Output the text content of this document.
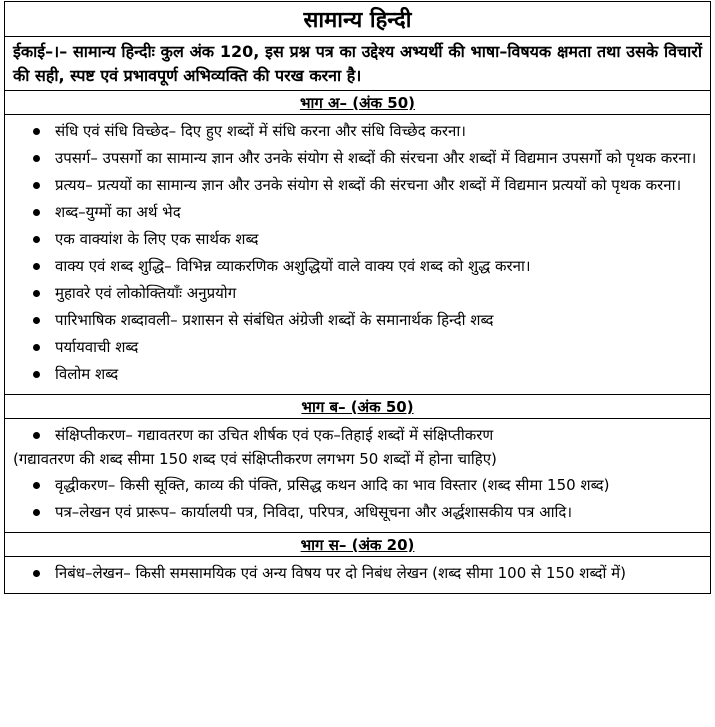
सामान्य हिन्दी
ईकाई–।– सामान्य हिन्दीः कुल अंक 120, इस प्रश्न पत्र का उद्देश्य अभ्यर्थी की भाषा–विषयक क्षमता तथा उसके विचारों की सही, स्पष्ट एवं प्रभावपूर्ण अभिव्यक्ति की परख करना है।
भाग अ– (अंक 50)
संधि एवं संधि विच्छेद– दिए हुए शब्दों में संधि करना और संधि विच्छेद करना।
उपसर्ग– उपसर्गो का सामान्य ज्ञान और उनके संयोग से शब्दों की संरचना और शब्दों में विद्यमान उपसर्गो को पृथक करना।
प्रत्यय– प्रत्ययों का सामान्य ज्ञान और उनके संयोग से शब्दों की संरचना और शब्दों में विद्यमान प्रत्ययों को पृथक करना।
शब्द–युग्मों का अर्थ भेद
एक वाक्यांश के लिए एक सार्थक शब्द
वाक्य एवं शब्द शुद्धि– विभिन्न व्याकरणिक अशुद्धियों वाले वाक्य एवं शब्द को शुद्ध करना।
मुहावरे एवं लोकोक्तियाँः अनुप्रयोग
पारिभाषिक शब्दावली– प्रशासन से संबंधित अंग्रेजी शब्दों के समानार्थक हिन्दी शब्द
पर्यायवाची शब्द
विलोम शब्द
भाग ब– (अंक 50)
संक्षिप्तीकरण– गद्यावतरण का उचित शीर्षक एवं एक–तिहाई शब्दों में संक्षिप्तीकरण
(गद्यावतरण की शब्द सीमा 150 शब्द एवं संक्षिप्तीकरण लगभग 50 शब्दों में होना चाहिए)
वृद्धीकरण– किसी सूक्ति, काव्य की पंक्ति, प्रसिद्ध कथन आदि का भाव विस्तार (शब्द सीमा 150 शब्द)
पत्र–लेखन एवं प्रारूप– कार्यालयी पत्र, निविदा, परिपत्र, अधिसूचना और अर्द्धशासकीय पत्र आदि।
भाग स– (अंक 20)
निबंध–लेखन– किसी समसामयिक एवं अन्य विषय पर दो निबंध लेखन (शब्द सीमा 100 से 150 शब्दों में)
